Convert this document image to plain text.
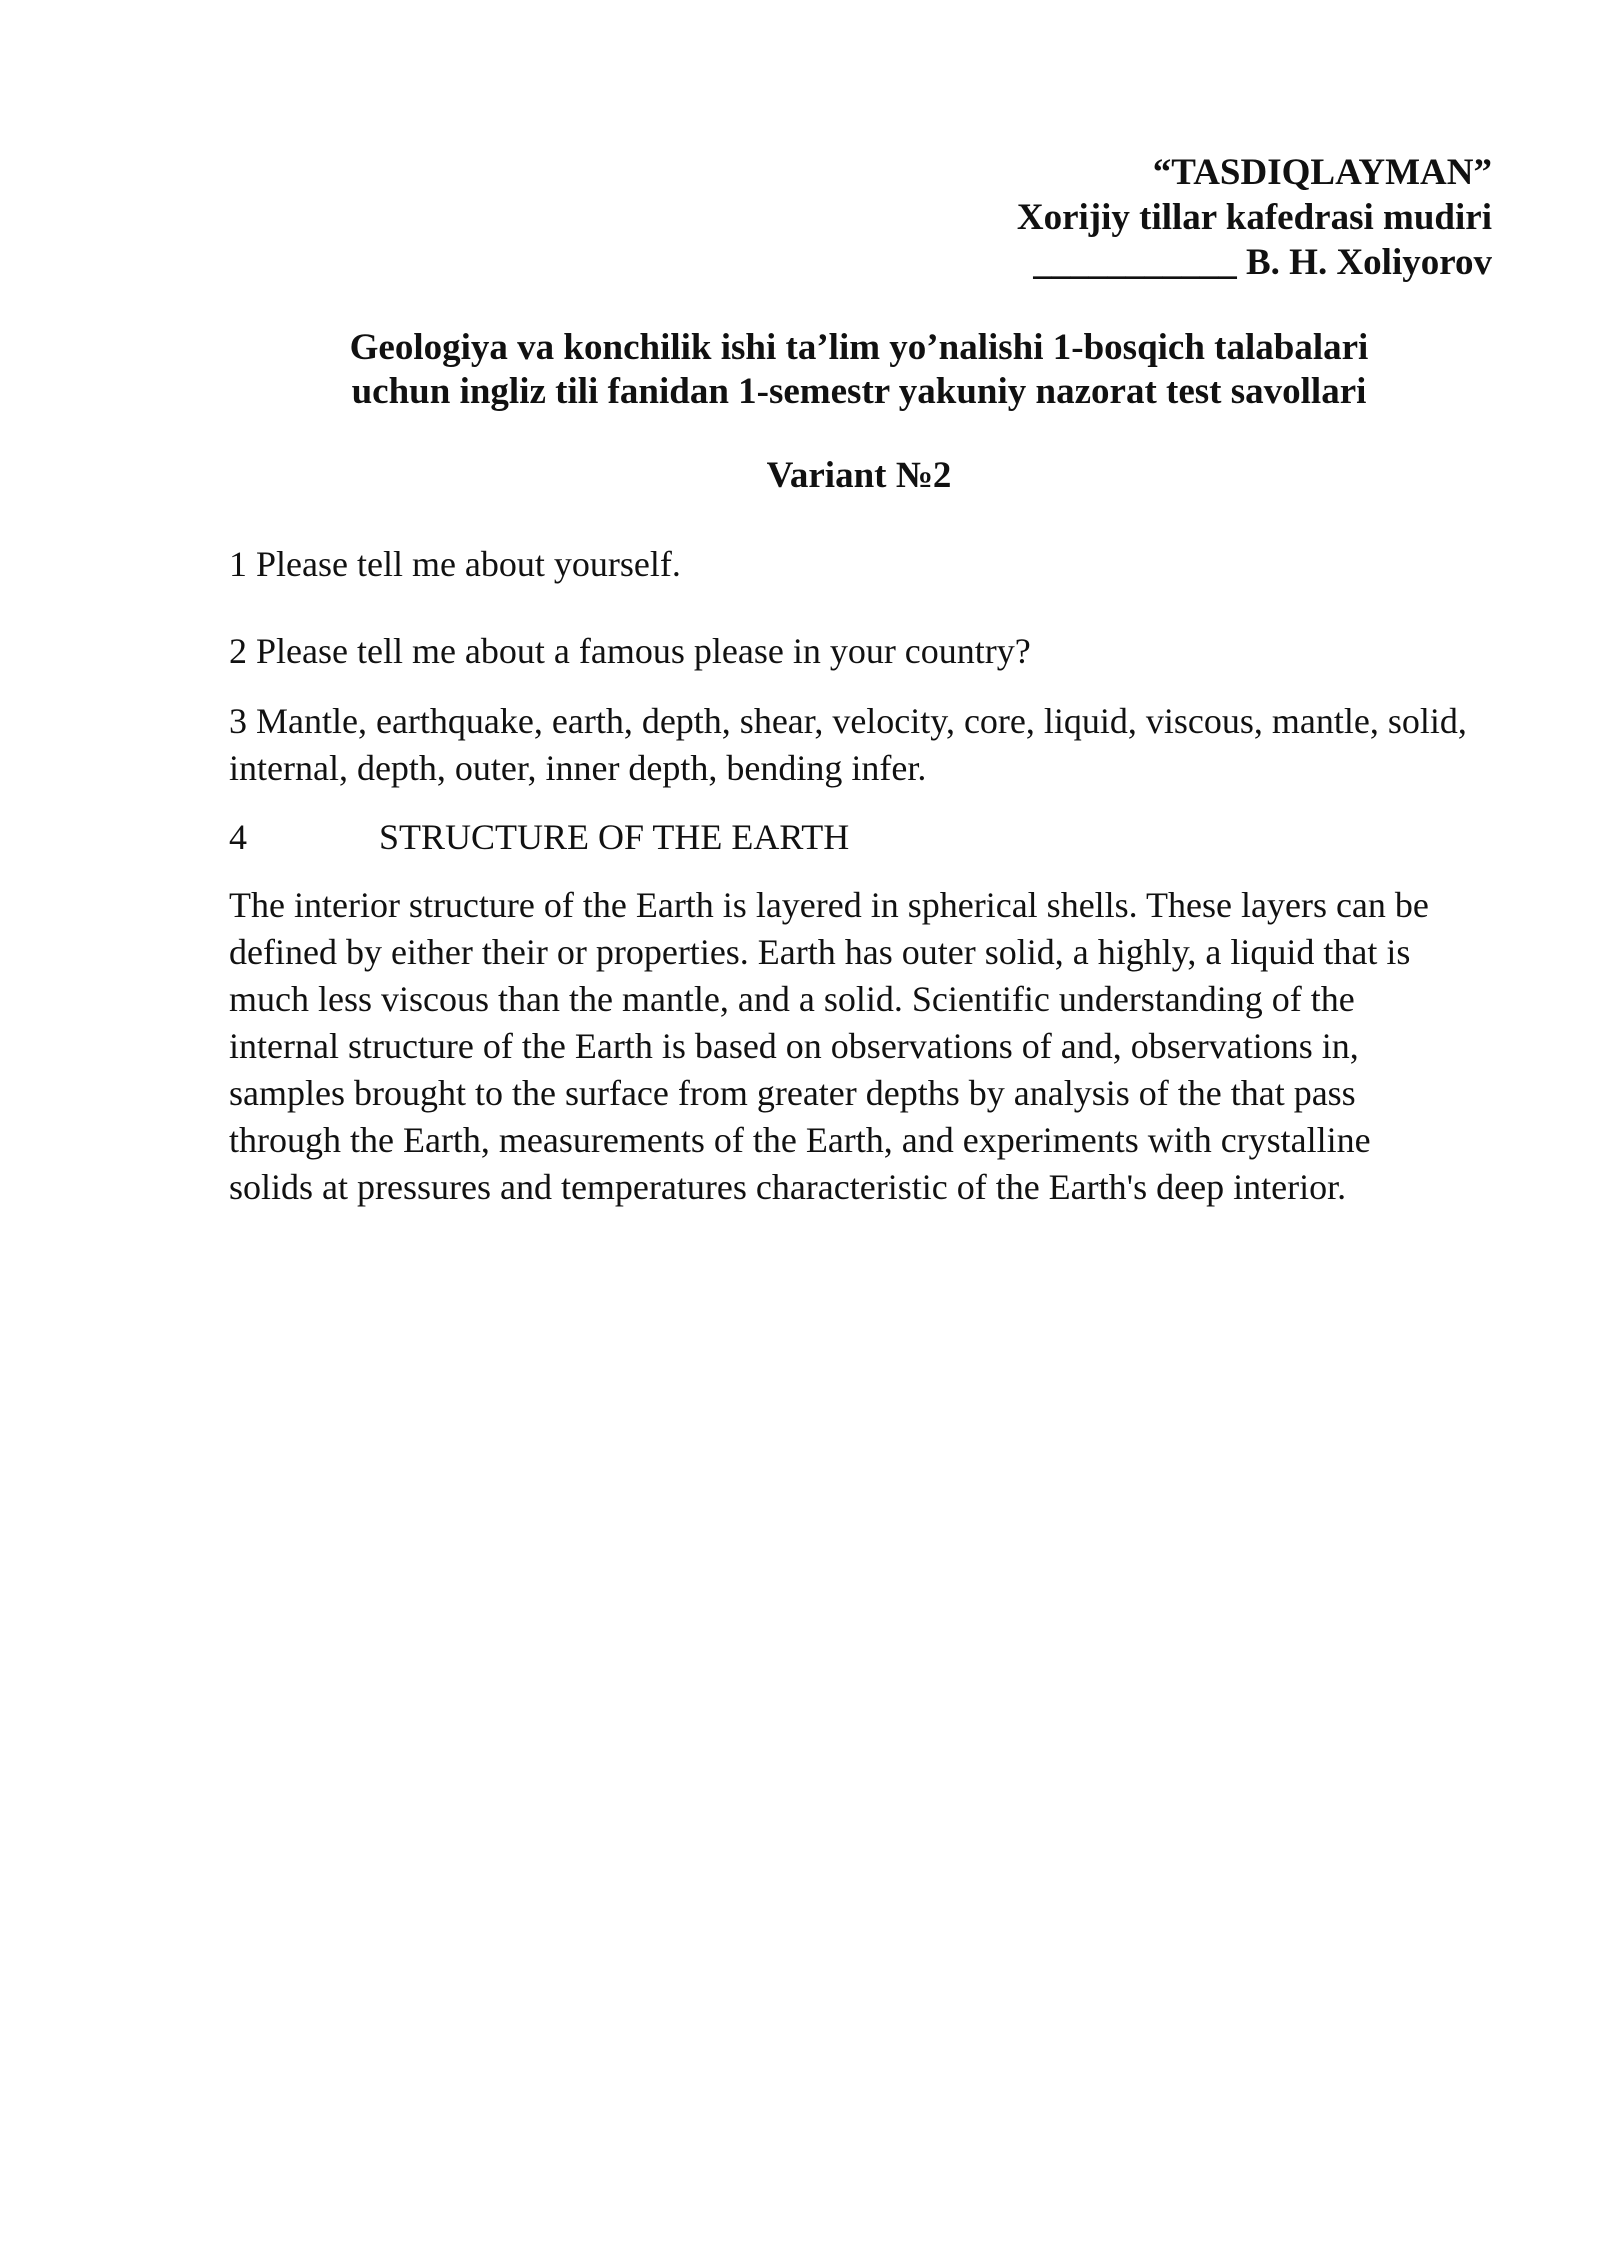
“TASDIQLAYMAN”
Xorijiy tillar kafedrasi mudiri
___________ B. H. Xoliyorov
Geologiya va konchilik ishi ta’lim yo’nalishi 1-bosqich talabalari
uchun ingliz tili fanidan 1-semestr yakuniy nazorat test savollari
Variant №2
1 Please tell me about yourself.
2 Please tell me about a famous please in your country?
3 Mantle, earthquake, earth, depth, shear, velocity, core, liquid, viscous, mantle, solid, internal, depth, outer, inner depth, bending infer.
4	STRUCTURE OF THE EARTH
The interior structure of the Earth is layered in spherical shells. These layers can be
defined by either their or properties. Earth has outer solid, a highly, a liquid that is
much less viscous than the mantle, and a solid. Scientific understanding of the
internal structure of the Earth is based on observations of and, observations in,
samples brought to the surface from greater depths by analysis of the that pass
through the Earth, measurements of the Earth, and experiments with crystalline
solids at pressures and temperatures characteristic of the Earth's deep interior.
